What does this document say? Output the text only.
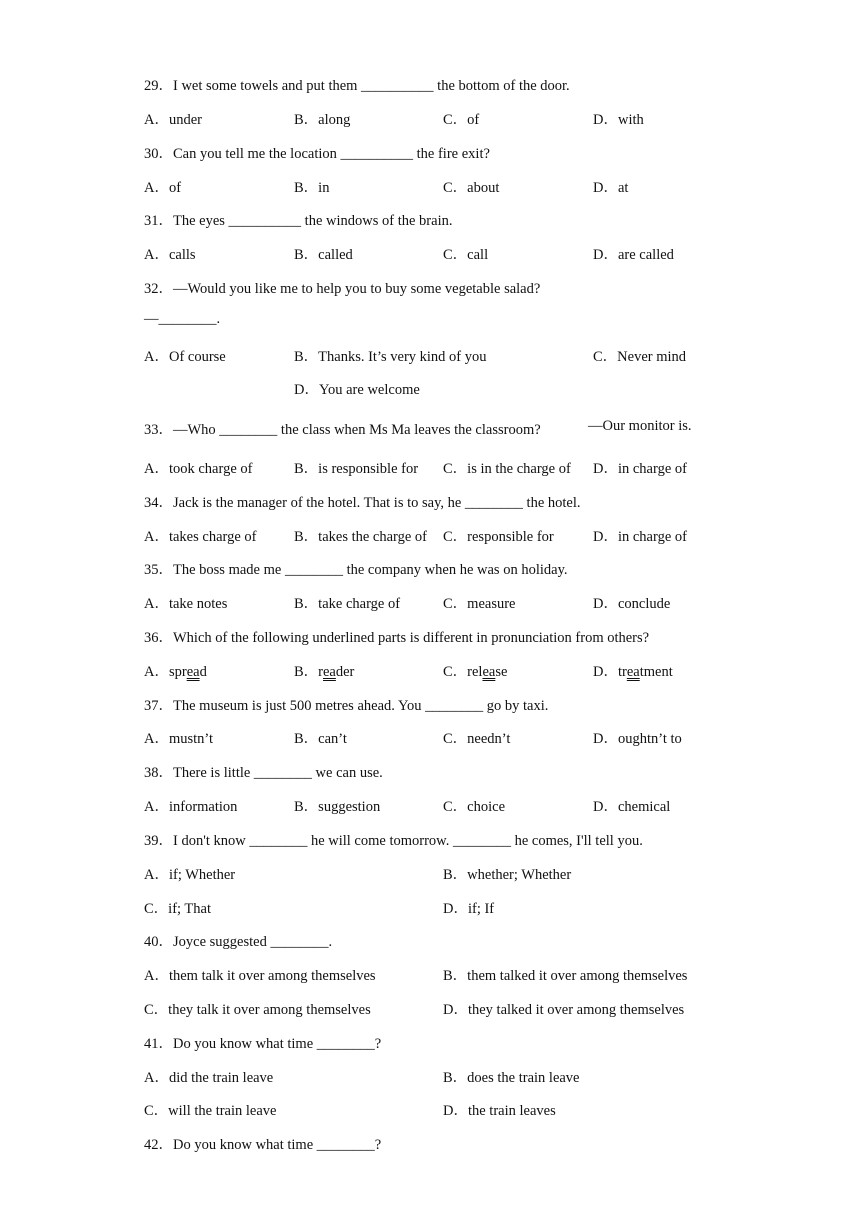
29．I wet some towels and put them __________ the bottom of the door.
A．under	B．along	C．of	D．with
30．Can you tell me the location __________ the fire exit?
A．of	B．in	C．about	D．at
31．The eyes __________ the windows of the brain.
A．calls	B．called	C．call	D．are called
32．—Would you like me to help you to buy some vegetable salad?
—________.
A．Of course	B．Thanks. It’s very kind of you	C．Never mind
D．You are welcome
33．—Who ________ the class when Ms Ma leaves the classroom?	—Our monitor is.
A．took charge of	B．is responsible for C．is in the charge of D．in charge of
34．Jack is the manager of the hotel. That is to say, he ________ the hotel.
A．takes charge of	B．takes the charge of C．responsible for	D．in charge of
35．The boss made me ________ the company when he was on holiday.
A．take notes	B．take charge of	C．measure	D．conclude
36．Which of the following underlined parts is different in pronunciation from others?
A．spread	B．reader	C．release	D．treatment
37．The museum is just 500 metres ahead. You ________ go by taxi.
A．mustn’t	B．can’t	C．needn’t	D．oughtn’t to
38．There is little ________ we can use.
A．information	B．suggestion	C．choice	D．chemical
39．I don't know ________ he will come tomorrow. ________ he comes, I'll tell you.
A．if; Whether	B．whether; Whether
C．if; That	D．if; If
40．Joyce suggested ________.
A．them talk it over among themselves	B．them talked it over among themselves
C．they talk it over among themselves	D．they talked it over among themselves
41．Do you know what time ________?
A．did the train leave	B．does the train leave
C．will the train leave	D．the train leaves
42．Do you know what time ________?
